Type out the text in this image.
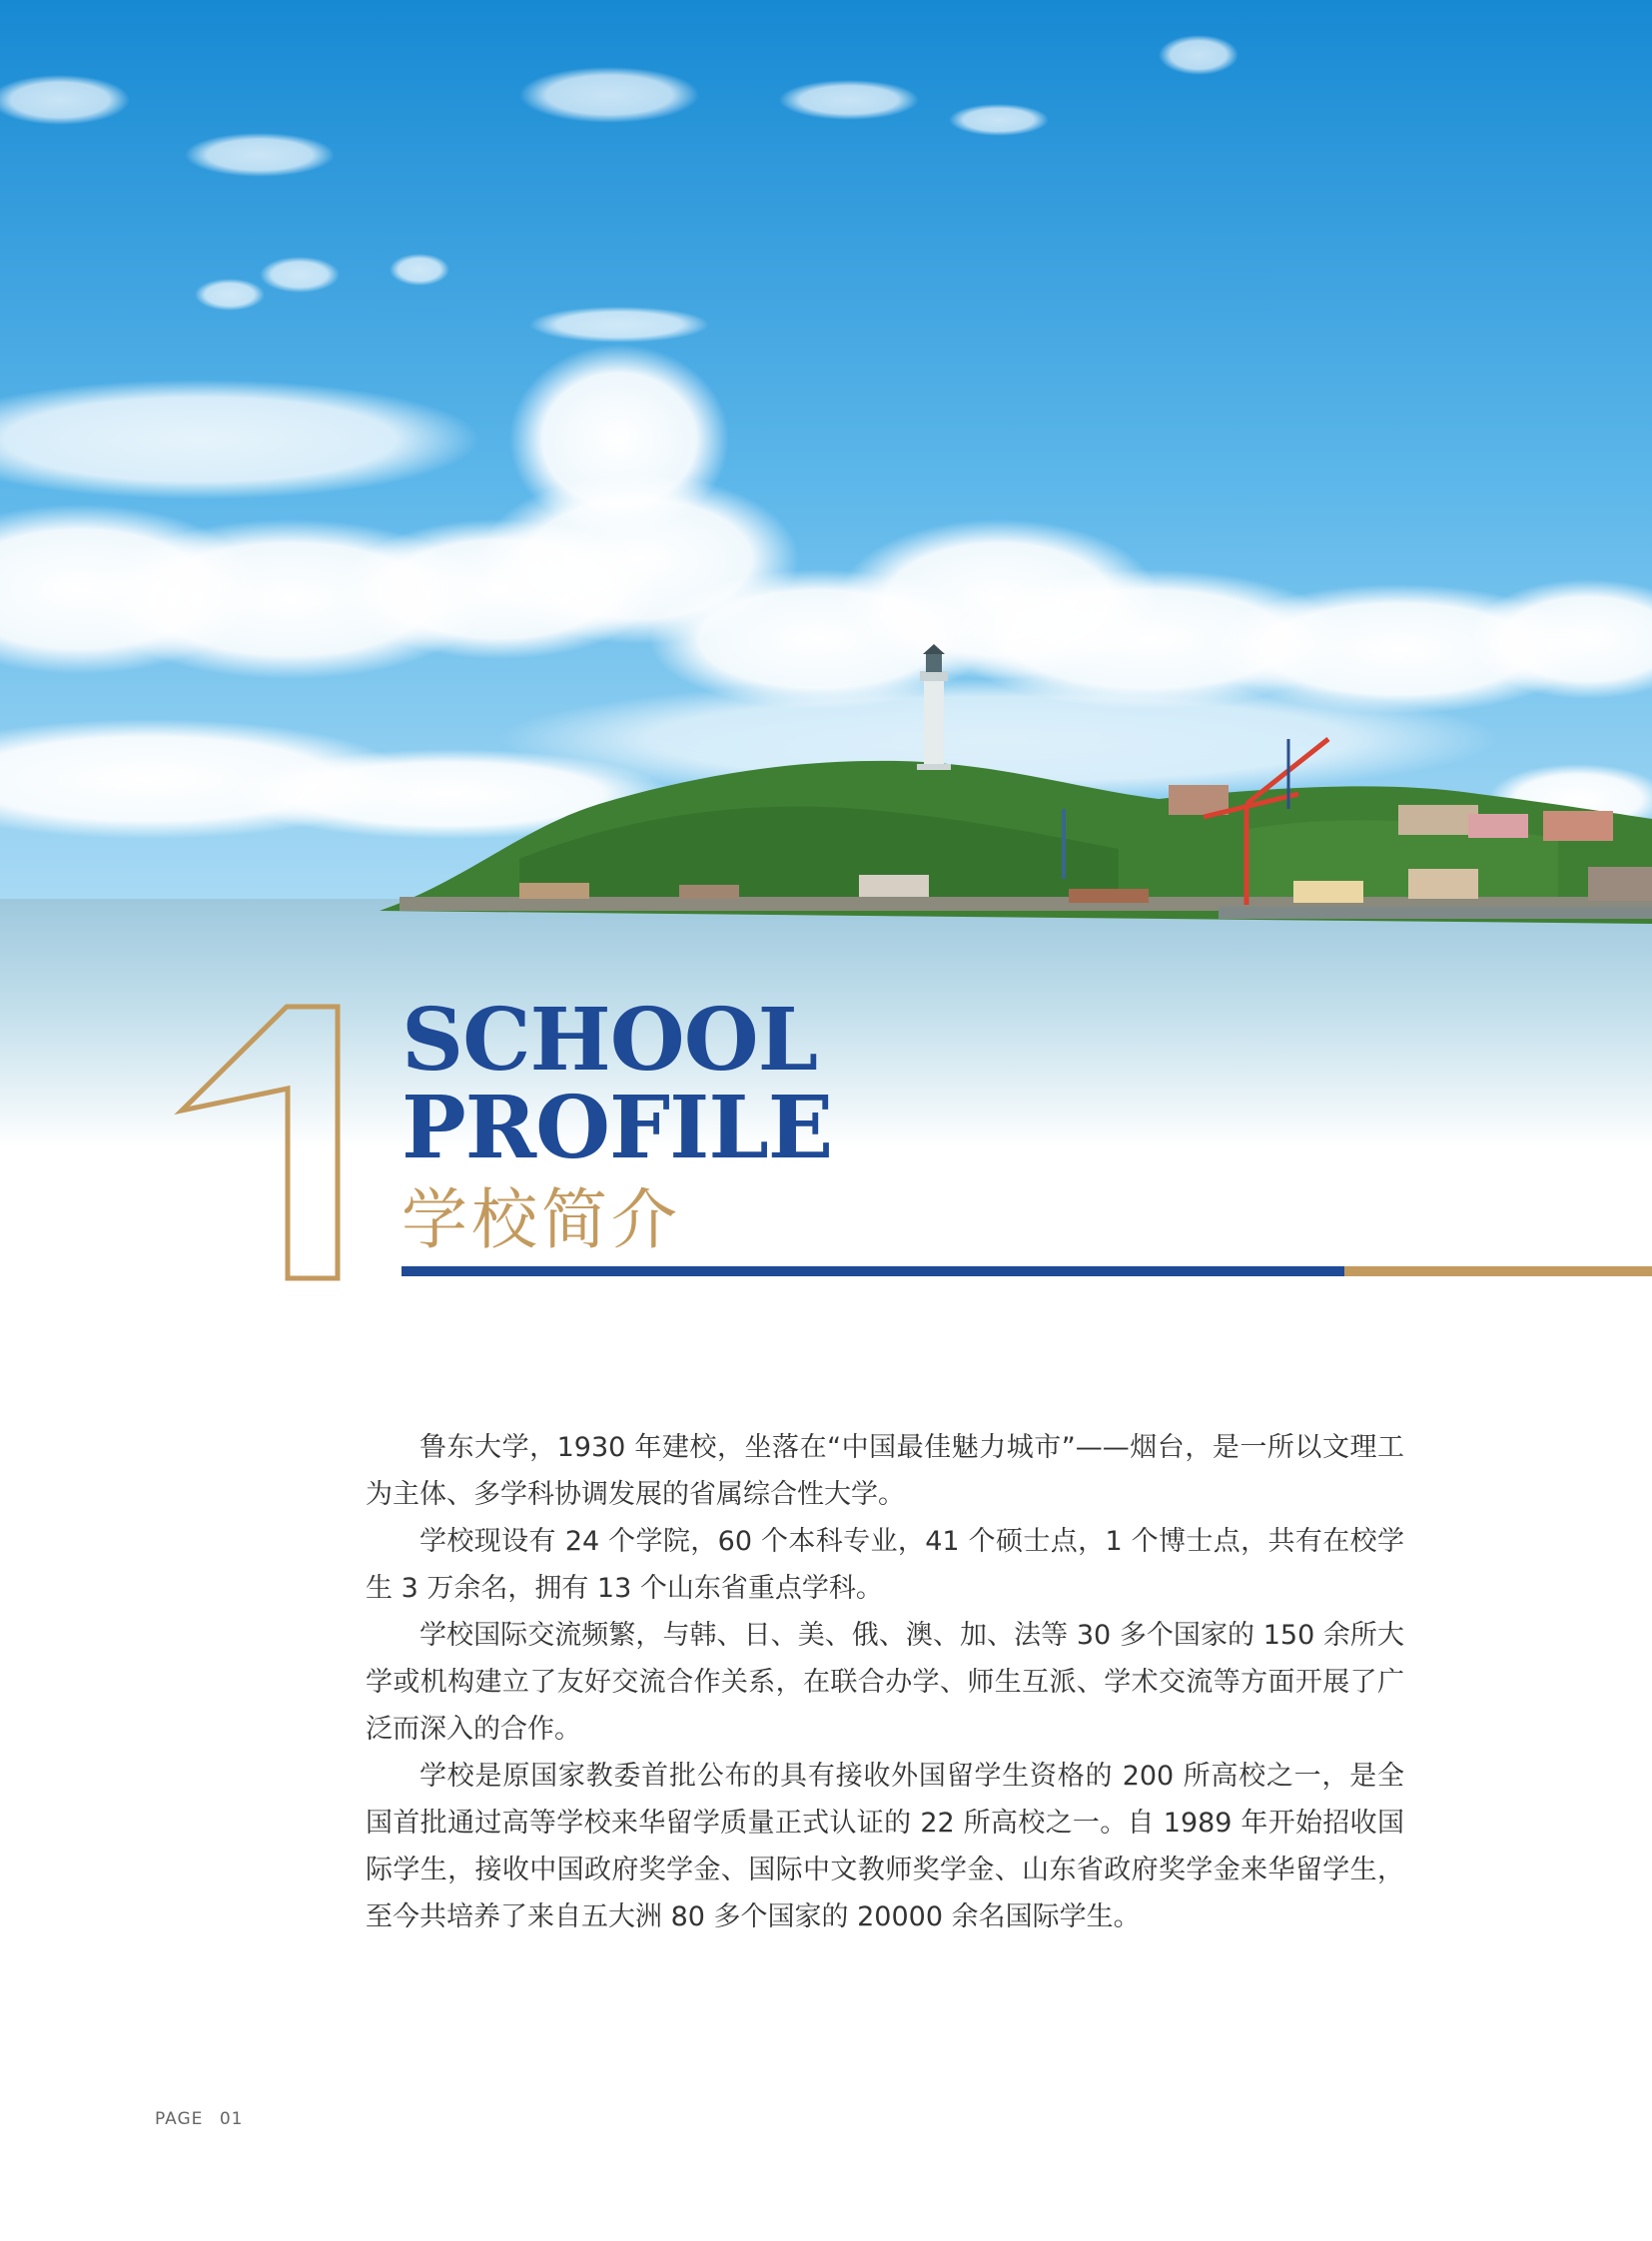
SCHOOL
PROFILE
学校简介

鲁东大学，1930 年建校，坐落在“中国最佳魅力城市”——烟台，是一所以文理工为主体、多学科协调发展的省属综合性大学。

学校现设有 24 个学院，60 个本科专业，41 个硕士点，1 个博士点，共有在校学生 3 万余名，拥有 13 个山东省重点学科。

学校国际交流频繁，与韩、日、美、俄、澳、加、法等 30 多个国家的 150 余所大学或机构建立了友好交流合作关系，在联合办学、师生互派、学术交流等方面开展了广泛而深入的合作。

学校是原国家教委首批公布的具有接收外国留学生资格的 200 所高校之一，是全国首批通过高等学校来华留学质量正式认证的 22 所高校之一。自 1989 年开始招收国际学生，接收中国政府奖学金、国际中文教师奖学金、山东省政府奖学金来华留学生，至今共培养了来自五大洲 80 多个国家的 20000 余名国际学生。

PAGE 01
